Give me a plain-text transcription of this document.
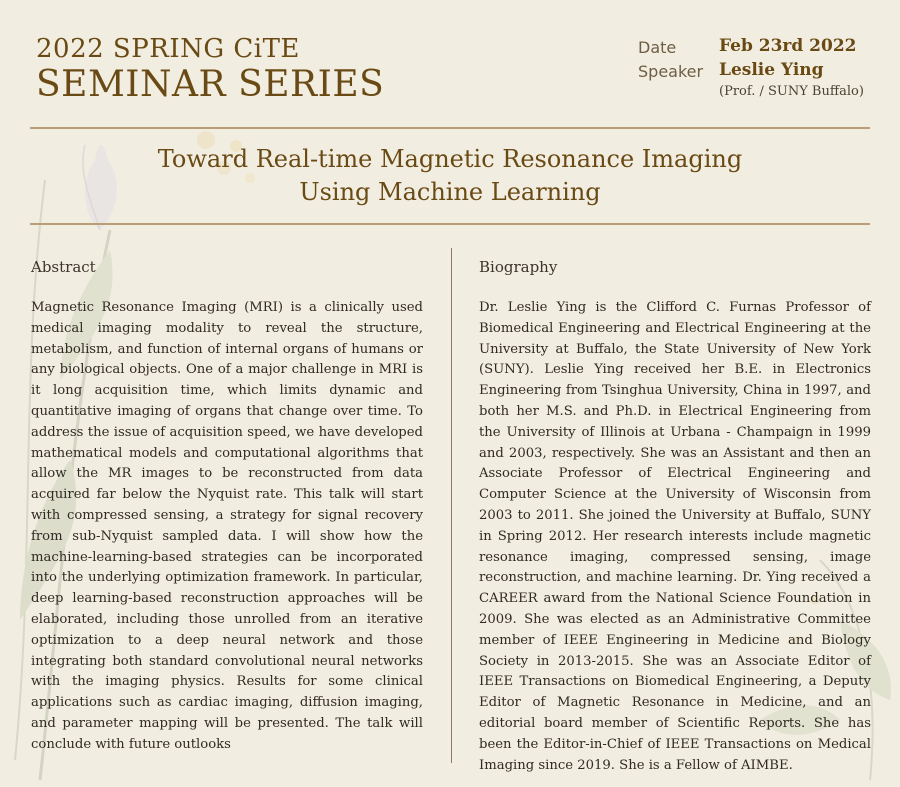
2022 SPRING CiTE
SEMINAR SERIES
Date	Feb 23rd 2022
Speaker Leslie Ying
(Prof. / SUNY Buffalo)
Toward Real-time Magnetic Resonance Imaging
Using Machine Learning
Abstract

Magnetic Resonance Imaging (MRI) is a clinically used medical imaging modality to reveal the structure, metabolism, and function of internal organs of humans or any biological objects. One of a major challenge in MRI is it long acquisition time, which limits dynamic and quantitative imaging of organs that change over time. To address the issue of acquisition speed, we have developed mathematical models and computational algorithms that allow the MR images to be reconstructed from data acquired far below the Nyquist rate. This talk will start with compressed sensing, a strategy for signal recovery from sub-Nyquist sampled data. I will show how the machine-learning-based strategies can be incorporated into the underlying optimization framework. In particular, deep learning-based reconstruction approaches will be elaborated, including those unrolled from an iterative optimization to a deep neural network and those integrating both standard convolutional neural networks with the imaging physics. Results for some clinical applications such as cardiac imaging, diffusion imaging, and parameter mapping will be presented. The talk will conclude with future outlooks

Biography

Dr. Leslie Ying is the Clifford C. Furnas Professor of Biomedical Engineering and Electrical Engineering at the University at Buffalo, the State University of New York (SUNY). Leslie Ying received her B.E. in Electronics Engineering from Tsinghua University, China in 1997, and both her M.S. and Ph.D. in Electrical Engineering from the University of Illinois at Urbana - Champaign in 1999 and 2003, respectively. She was an Assistant and then an Associate Professor of Electrical Engineering and Computer Science at the University of Wisconsin from 2003 to 2011. She joined the University at Buffalo, SUNY in Spring 2012. Her research interests include magnetic resonance imaging, compressed sensing, image reconstruction, and machine learning. Dr. Ying received a CAREER award from the National Science Foundation in 2009. She was elected as an Administrative Committee member of IEEE Engineering in Medicine and Biology Society in 2013-2015. She was an Associate Editor of IEEE Transactions on Biomedical Engineering, a Deputy Editor of Magnetic Resonance in Medicine, and an editorial board member of Scientific Reports. She has been the Editor-in-Chief of IEEE Transactions on Medical Imaging since 2019. She is a Fellow of AIMBE.
